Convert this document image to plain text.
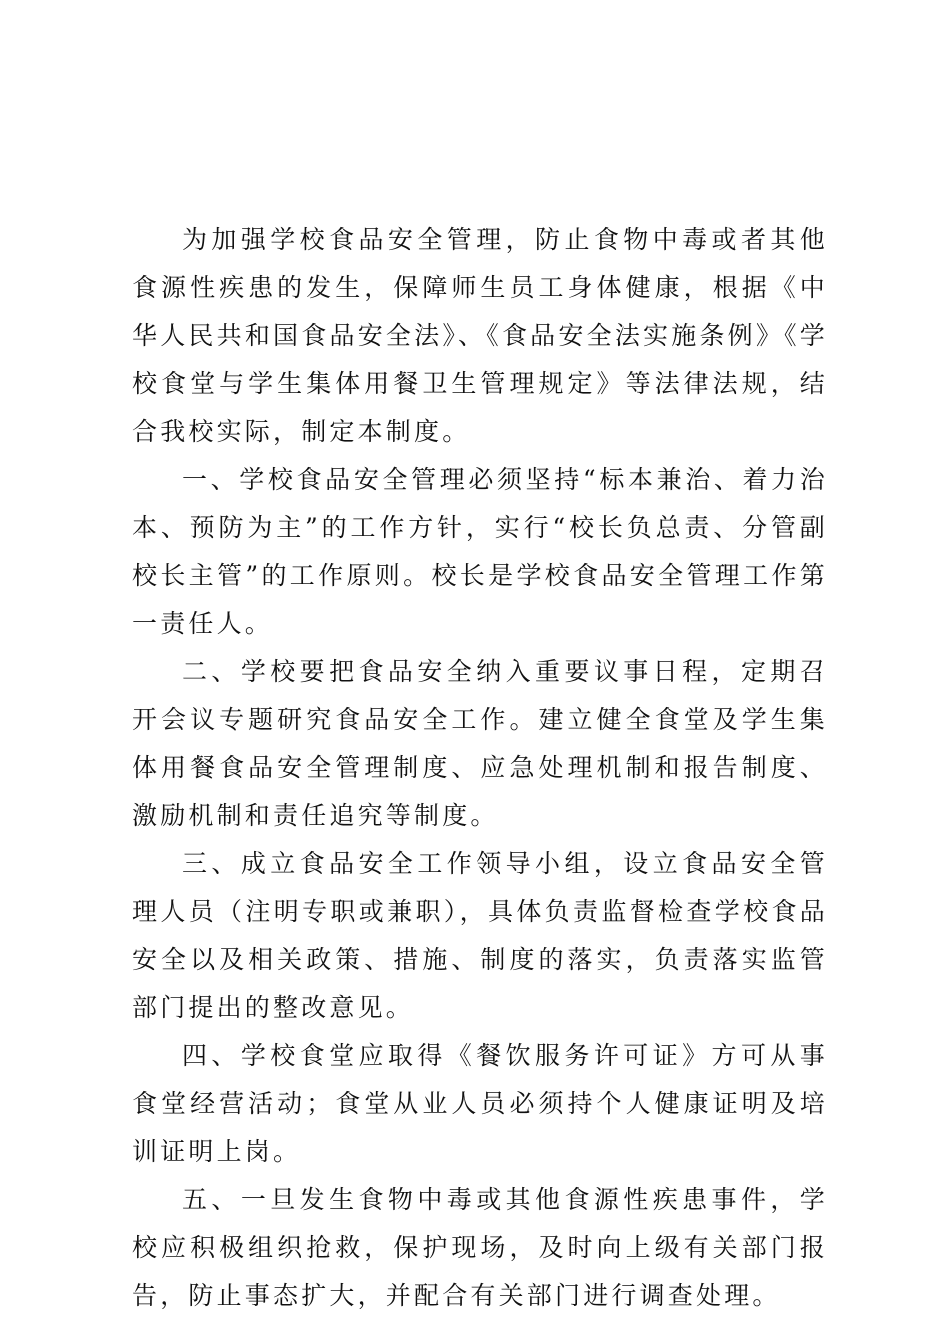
为加强学校食品安全管理，防止食物中毒或者其他食源性疾患的发生，保障师生员工身体健康，根据《中华人民共和国食品安全法》、《食品安全法实施条例》《学校食堂与学生集体用餐卫生管理规定》等法律法规，结合我校实际，制定本制度。

一、学校食品安全管理必须坚持“标本兼治、着力治本、预防为主”的工作方针，实行“校长负总责、分管副校长主管”的工作原则。校长是学校食品安全管理工作第一责任人。

二、学校要把食品安全纳入重要议事日程，定期召开会议专题研究食品安全工作。建立健全食堂及学生集体用餐食品安全管理制度、应急处理机制和报告制度、激励机制和责任追究等制度。

三、成立食品安全工作领导小组，设立食品安全管理人员（注明专职或兼职），具体负责监督检查学校食品安全以及相关政策、措施、制度的落实，负责落实监管部门提出的整改意见。

四、学校食堂应取得《餐饮服务许可证》方可从事食堂经营活动；食堂从业人员必须持个人健康证明及培训证明上岗。

五、一旦发生食物中毒或其他食源性疾患事件，学校应积极组织抢救，保护现场，及时向上级有关部门报告，防止事态扩大，并配合有关部门进行调查处理。
